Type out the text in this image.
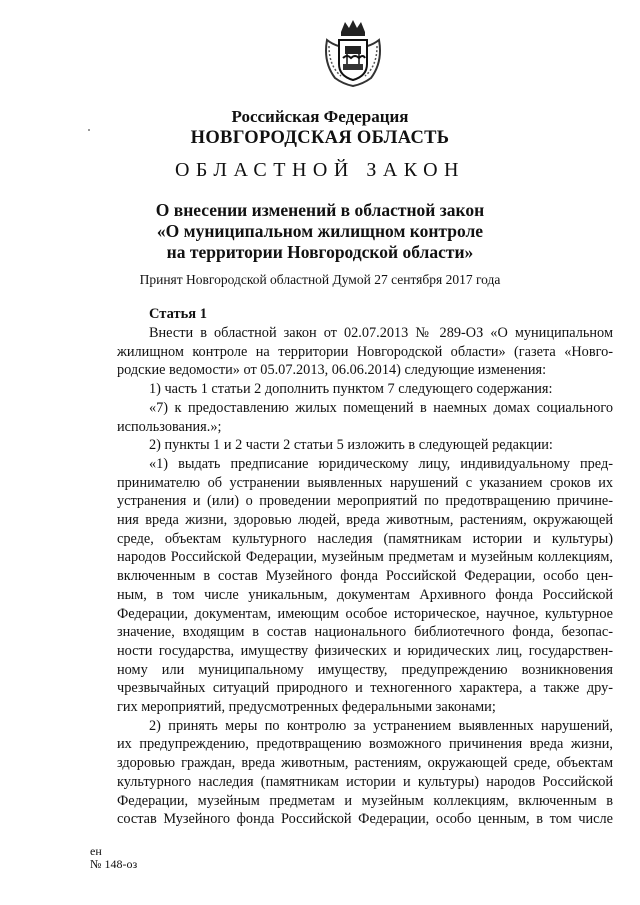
Российская Федерация
НОВГОРОДСКАЯ ОБЛАСТЬ
ОБЛАСТНОЙ ЗАКОН
О внесении изменений в областной закон
«О муниципальном жилищном контроле
на территории Новгородской области»
Принят Новгородской областной Думой 27 сентября 2017 года
Статья 1
Внести в областной закон от 02.07.2013 № 289-ОЗ «О муниципальном
жилищном контроле на территории Новгородской области» (газета «Новго-
родские ведомости» от 05.07.2013, 06.06.2014) следующие изменения:
1) часть 1 статьи 2 дополнить пунктом 7 следующего содержания:
«7) к предоставлению жилых помещений в наемных домах социального
использования.»;
2) пункты 1 и 2 части 2 статьи 5 изложить в следующей редакции:
«1) выдать предписание юридическому лицу, индивидуальному пред-
принимателю об устранении выявленных нарушений с указанием сроков их
устранения и (или) о проведении мероприятий по предотвращению причине-
ния вреда жизни, здоровью людей, вреда животным, растениям, окружающей
среде, объектам культурного наследия (памятникам истории и культуры)
народов Российской Федерации, музейным предметам и музейным коллекциям,
включенным в состав Музейного фонда Российской Федерации, особо цен-
ным, в том числе уникальным, документам Архивного фонда Российской
Федерации, документам, имеющим особое историческое, научное, культурное
значение, входящим в состав национального библиотечного фонда, безопас-
ности государства, имуществу физических и юридических лиц, государствен-
ному или муниципальному имуществу, предупреждению возникновения
чрезвычайных ситуаций природного и техногенного характера, а также дру-
гих мероприятий, предусмотренных федеральными законами;
2) принять меры по контролю за устранением выявленных нарушений,
их предупреждению, предотвращению возможного причинения вреда жизни,
здоровью граждан, вреда животным, растениям, окружающей среде, объектам
культурного наследия (памятникам истории и культуры) народов Российской
Федерации, музейным предметам и музейным коллекциям, включенным в
состав Музейного фонда Российской Федерации, особо ценным, в том числе
ен
№ 148-оз
